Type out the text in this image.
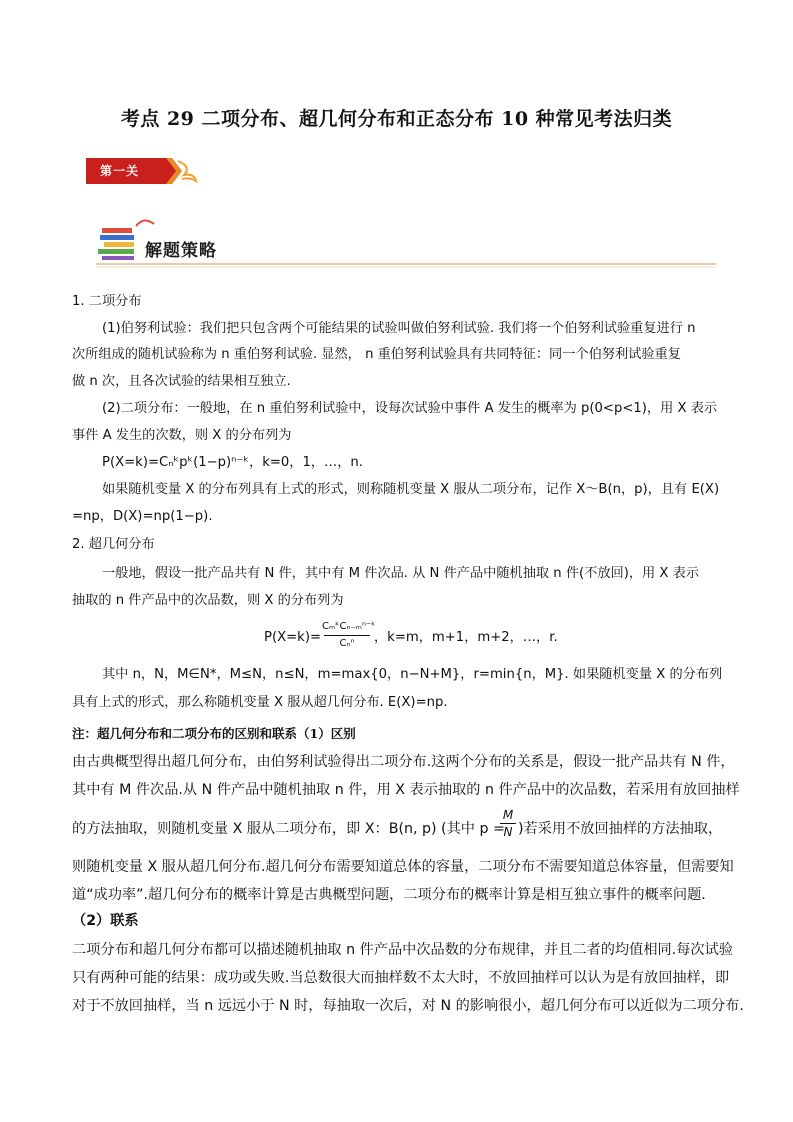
考点 29 二项分布、超几何分布和正态分布 10 种常见考法归类
第一关
解题策略
1. 二项分布
(1)伯努利试验：我们把只包含两个可能结果的试验叫做伯努利试验. 我们将一个伯努利试验重复进行 n
次所组成的随机试验称为 n 重伯努利试验. 显然， n 重伯努利试验具有共同特征：同一个伯努利试验重复
做 n 次，且各次试验的结果相互独立.
(2)二项分布：一般地，在 n 重伯努利试验中，设每次试验中事件 A 发生的概率为 p(0<p<1)，用 X 表示
事件 A 发生的次数，则 X 的分布列为
P(X=k)=Cₙᵏpᵏ(1−p)ⁿ⁻ᵏ，k=0，1，…，n.
如果随机变量 X 的分布列具有上式的形式，则称随机变量 X 服从二项分布，记作 X～B(n，p)，且有 E(X)
=np，D(X)=np(1−p).
2. 超几何分布
一般地，假设一批产品共有 N 件，其中有 M 件次品. 从 N 件产品中随机抽取 n 件(不放回)，用 X 表示
抽取的 n 件产品中的次品数，则 X 的分布列为
P(X=k)=
CₘᵏCₙ₋ₘⁿ⁻ᵏ
Cₙⁿ	，k=m，m+1，m+2，…，r.
其中 n，N，M∈N*，M≤N，n≤N，m=max{0，n−N+M}，r=min{n，M}. 如果随机变量 X 的分布列
具有上式的形式，那么称随机变量 X 服从超几何分布. E(X)=np.
注：超几何分布和二项分布的区别和联系（1）区别
由古典概型得出超几何分布，由伯努利试验得出二项分布.这两个分布的关系是，假设一批产品共有 N 件，
其中有 M 件次品.从 N 件产品中随机抽取 n 件，用 X 表示抽取的 n 件产品中的次品数，若采用有放回抽样
的方法抽取，则随机变量 X 服从二项分布，即 X：B(n, p) (其中 p =
M
N )若采用不放回抽样的方法抽取，
则随机变量 X 服从超几何分布.超几何分布需要知道总体的容量，二项分布不需要知道总体容量，但需要知
道“成功率”.超几何分布的概率计算是古典概型问题，二项分布的概率计算是相互独立事件的概率问题.
（2）联系
二项分布和超几何分布都可以描述随机抽取 n 件产品中次品数的分布规律，并且二者的均值相同.每次试验
只有两种可能的结果：成功或失败.当总数很大而抽样数不太大时，不放回抽样可以认为是有放回抽样，即
对于不放回抽样，当 n 远远小于 N 时，每抽取一次后，对 N 的影响很小，超几何分布可以近似为二项分布.
